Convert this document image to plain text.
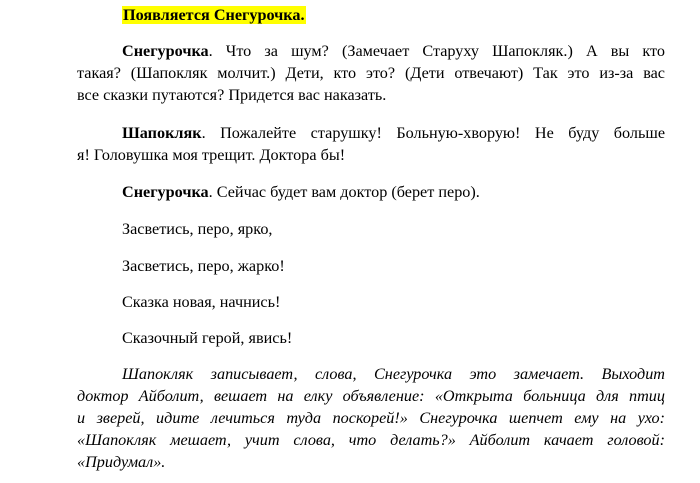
Появляется Снегурочка.

Снегурочка. Что за шум? (Замечает Старуху Шапокляк.) А вы кто
такая? (Шапокляк молчит.) Дети, кто это? (Дети отвечают) Так это из-за вас
все сказки путаются? Придется вас наказать.

Шапокляк. Пожалейте старушку! Больную-хворую! Не буду больше
я! Головушка моя трещит. Доктора бы!

Снегурочка. Сейчас будет вам доктор (берет перо).

Засветись, перо, ярко,

Засветись, перо, жарко!

Сказка новая, начнись!

Сказочный герой, явись!

Шапокляк записывает, слова, Снегурочка это замечает. Выходит
доктор Айболит, вешает на елку объявление: «Открыта больница для птиц
и зверей, идите лечиться туда поскорей!» Снегурочка шепчет ему на ухо:
«Шапокляк мешает, учит слова, что делать?» Айболит качает головой:
«Придумал».
